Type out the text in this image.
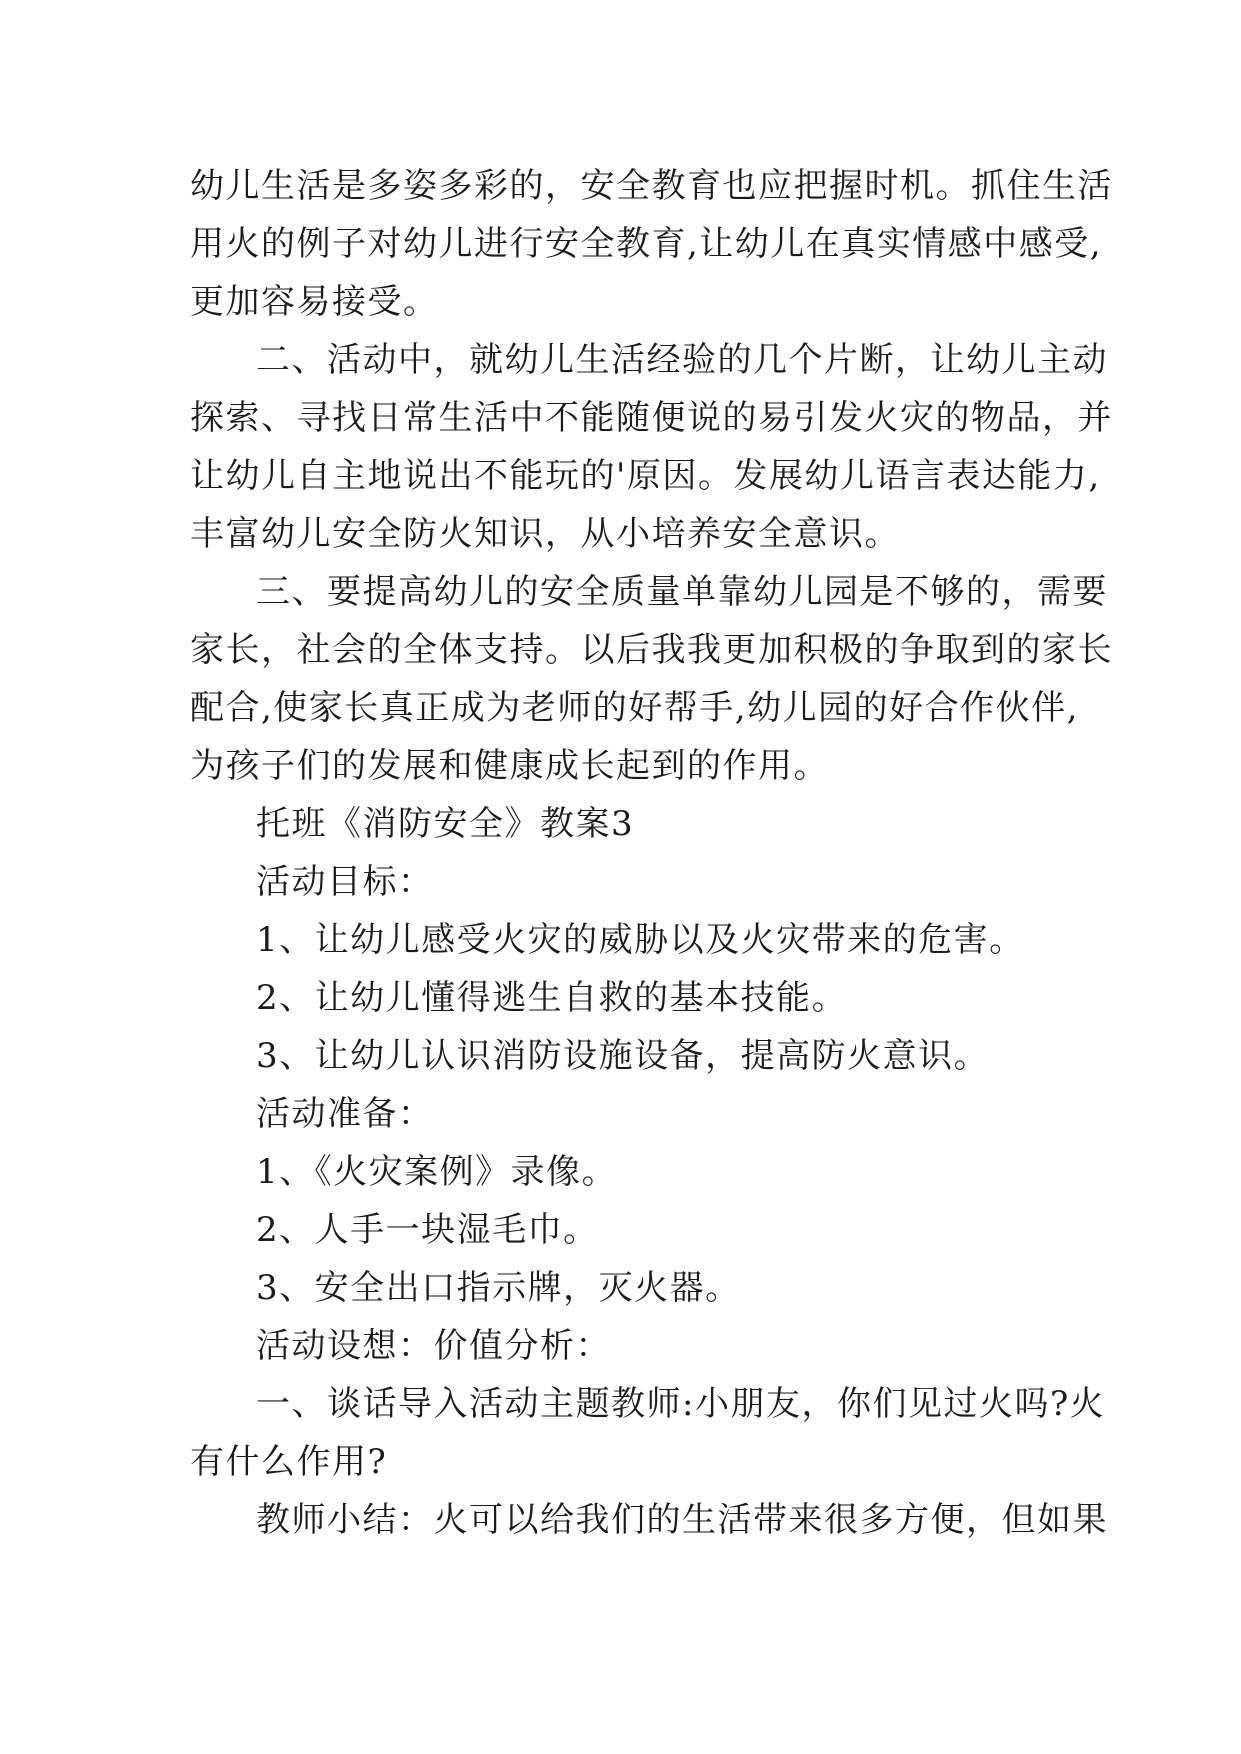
幼儿生活是多姿多彩的，安全教育也应把握时机。抓住生活
用火的例子对幼儿进行安全教育,让幼儿在真实情感中感受,
更加容易接受。
二、活动中，就幼儿生活经验的几个片断，让幼儿主动
探索、寻找日常生活中不能随便说的易引发火灾的物品，并
让幼儿自主地说出不能玩的'原因。发展幼儿语言表达能力,
丰富幼儿安全防火知识，从小培养安全意识。
三、要提高幼儿的安全质量单靠幼儿园是不够的，需要
家长，社会的全体支持。以后我我更加积极的争取到的家长
配合,使家长真正成为老师的好帮手,幼儿园的好合作伙伴,
为孩子们的发展和健康成长起到的作用。
托班《消防安全》教案3
活动目标：
1、让幼儿感受火灾的威胁以及火灾带来的危害。
2、让幼儿懂得逃生自救的基本技能。
3、让幼儿认识消防设施设备，提高防火意识。
活动准备：
1、《火灾案例》录像。
2、人手一块湿毛巾。
3、安全出口指示牌，灭火器。
活动设想：价值分析：
一、谈话导入活动主题教师:小朋友，你们见过火吗?火
有什么作用?
教师小结：火可以给我们的生活带来很多方便，但如果
